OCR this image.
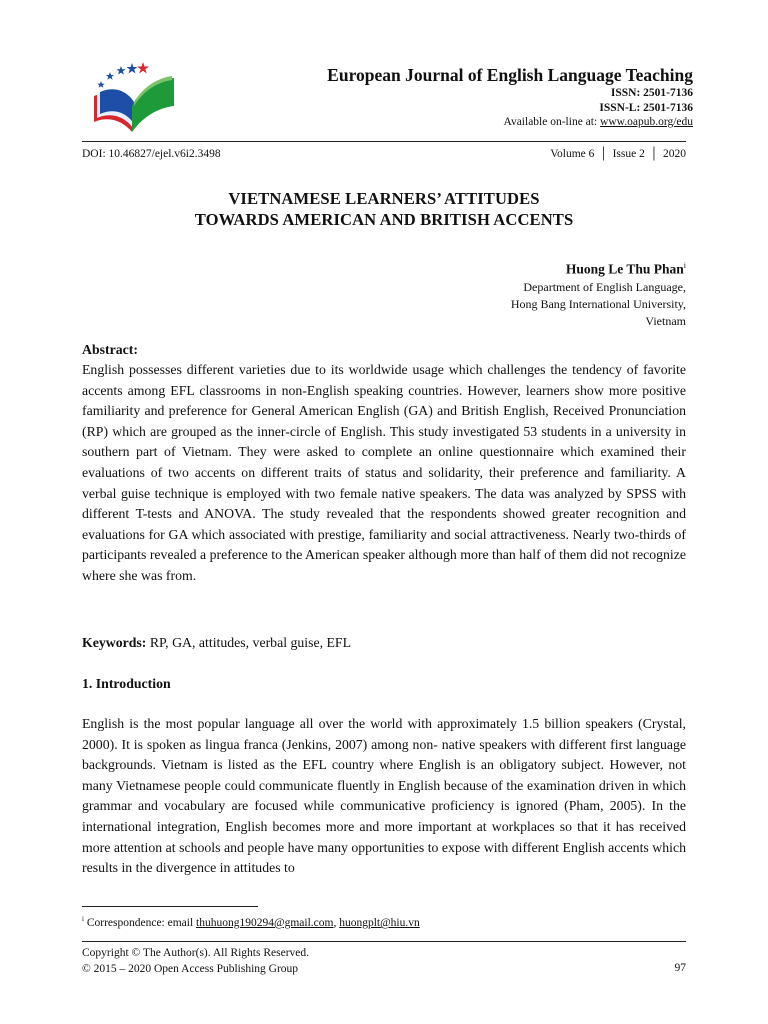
European Journal of English Language Teaching
ISSN: 2501-7136
ISSN-L: 2501-7136
Available on-line at: www.oapub.org/edu
DOI: 10.46827/ejel.v6i2.3498	Volume 6 │ Issue 2 │ 2020
VIETNAMESE LEARNERS’ ATTITUDES
TOWARDS AMERICAN AND BRITISH ACCENTS
Huong Le Thu Phan$^i$
Department of English Language,
Hong Bang International University,
Vietnam
Abstract:
English possesses different varieties due to its worldwide usage which challenges the tendency of favorite accents among EFL classrooms in non-English speaking countries. However, learners show more positive familiarity and preference for General American English (GA) and British English, Received Pronunciation (RP) which are grouped as the inner-circle of English. This study investigated 53 students in a university in southern part of Vietnam. They were asked to complete an online questionnaire which examined their evaluations of two accents on different traits of status and solidarity, their preference and familiarity. A verbal guise technique is employed with two female native speakers. The data was analyzed by SPSS with different T-tests and ANOVA. The study revealed that the respondents showed greater recognition and evaluations for GA which associated with prestige, familiarity and social attractiveness. Nearly two-thirds of participants revealed a preference to the American speaker although more than half of them did not recognize where she was from.
Keywords: RP, GA, attitudes, verbal guise, EFL
1. Introduction
English is the most popular language all over the world with approximately 1.5 billion speakers (Crystal, 2000). It is spoken as lingua franca (Jenkins, 2007) among non- native speakers with different first language backgrounds. Vietnam is listed as the EFL country where English is an obligatory subject. However, not many Vietnamese people could communicate fluently in English because of the examination driven in which grammar and vocabulary are focused while communicative proficiency is ignored (Pham, 2005). In the international integration, English becomes more and more important at workplaces so that it has received more attention at schools and people have many opportunities to expose with different English accents which results in the divergence in attitudes to
$^i$ Correspondence: email thuhuong190294@gmail.com, huongplt@hiu.vn
Copyright © The Author(s). All Rights Reserved.
© 2015 – 2020 Open Access Publishing Group	97
